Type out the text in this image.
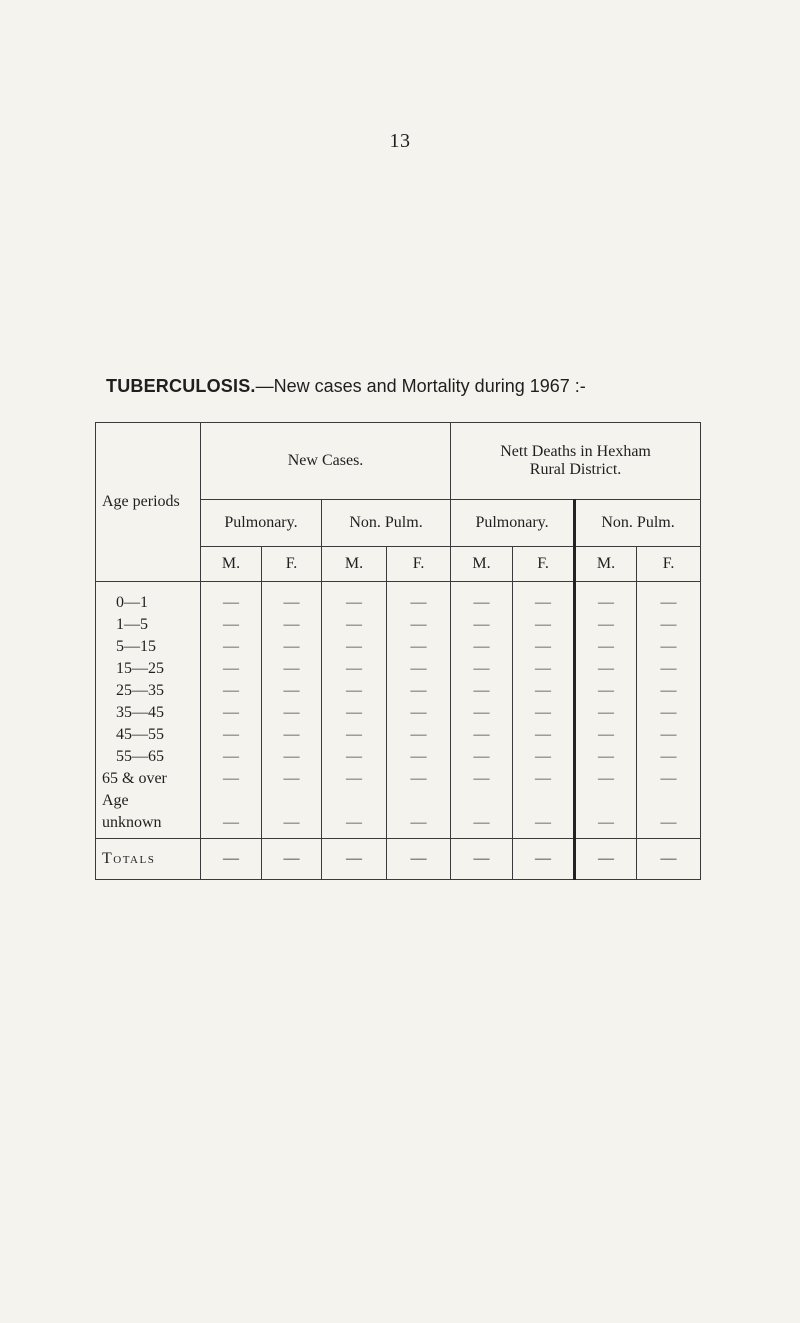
13
TUBERCULOSIS.—New cases and Mortality during 1967 :-
Age periods	New Cases.				Nett Deaths in Hexham
Rural District.			

	Pulmonary.		Non. Pulm.		Pulmonary.		Non. Pulm.	
	M.	F.	M.	F.	M.	F.	M.	F.

0—1	—	—	—	—	—	—	—	—

1—5	—	—	—	—	—	—	—	—

5—15	—	—	—	—	—	—	—	—

15—25	—	—	—	—	—	—	—	—

25—35	—	—	—	—	—	—	—	—

35—45	—	—	—	—	—	—	—	—

45—55	—	—	—	—	—	—	—	—

55—65	—	—	—	—	—	—	—	—

65 & over	—	—	—	—	—	—	—	—

Age
unknown	—	—	—	—	—	—	—	—
Totals	—	—	—	—	—	—	—	—
